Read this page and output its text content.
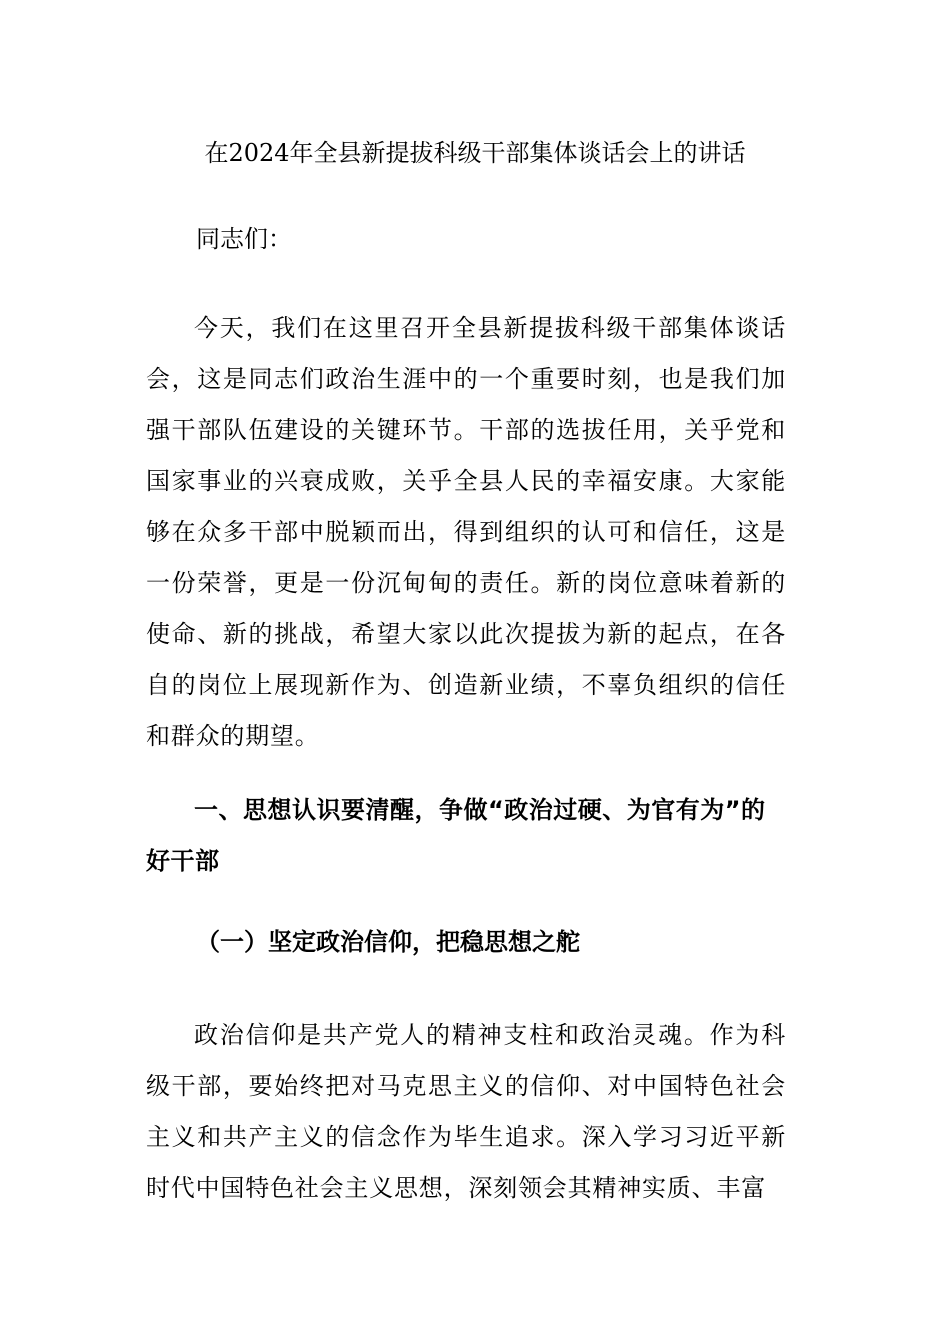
在2024年全县新提拔科级干部集体谈话会上的讲话
同志们：

今天，我们在这里召开全县新提拔科级干部集体谈话会，这是同志们政治生涯中的一个重要时刻，也是我们加强干部队伍建设的关键环节。干部的选拔任用，关乎党和国家事业的兴衰成败，关乎全县人民的幸福安康。大家能够在众多干部中脱颖而出，得到组织的认可和信任，这是一份荣誉，更是一份沉甸甸的责任。新的岗位意味着新的使命、新的挑战，希望大家以此次提拔为新的起点，在各自的岗位上展现新作为、创造新业绩，不辜负组织的信任和群众的期望。

一、思想认识要清醒，争做“政治过硬、为官有为”的好干部

（一）坚定政治信仰，把稳思想之舵

政治信仰是共产党人的精神支柱和政治灵魂。作为科级干部，要始终把对马克思主义的信仰、对中国特色社会主义和共产主义的信念作为毕生追求。深入学习习近平新时代中国特色社会主义思想，深刻领会其精神实质、丰富
